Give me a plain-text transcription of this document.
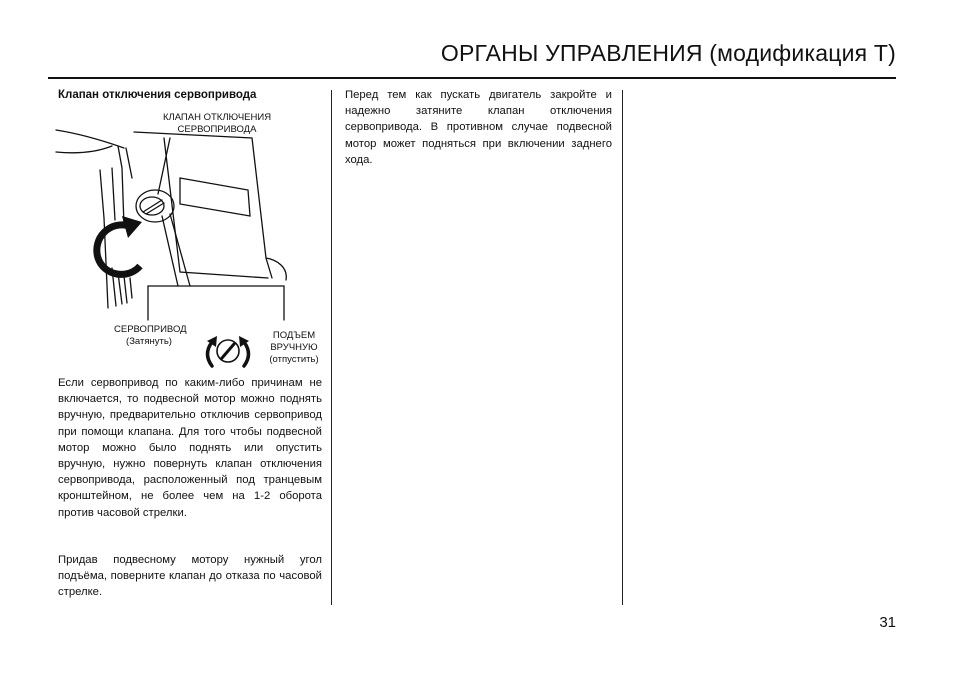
ОРГАНЫ УПРАВЛЕНИЯ (модификация T)
Клапан отключения сервопривода
КЛАПАН ОТКЛЮЧЕНИЯ
СЕРВОПРИВОДА
СЕРВОПРИВОД
(Затянуть)
ПОДЪЕМ
ВРУЧНУЮ
(отпустить)
Если сервопривод по каким-либо причинам не включается, то подвесной мотор можно поднять вручную, предварительно отключив сервопривод при помощи клапана. Для того чтобы подвесной мотор можно было поднять или опустить вручную, нужно повернуть клапан отключения сервопривода, расположенный под транцевым кронштейном, не более чем на 1-2 оборота против часовой стрелки.
Придав подвесному мотору нужный угол подъёма, поверните клапан до отказа по часовой стрелке.
Перед тем как пускать двигатель закройте и надежно затяните клапан отключения сервопривода. В противном случае подвесной мотор может подняться при включении заднего хода.
31
